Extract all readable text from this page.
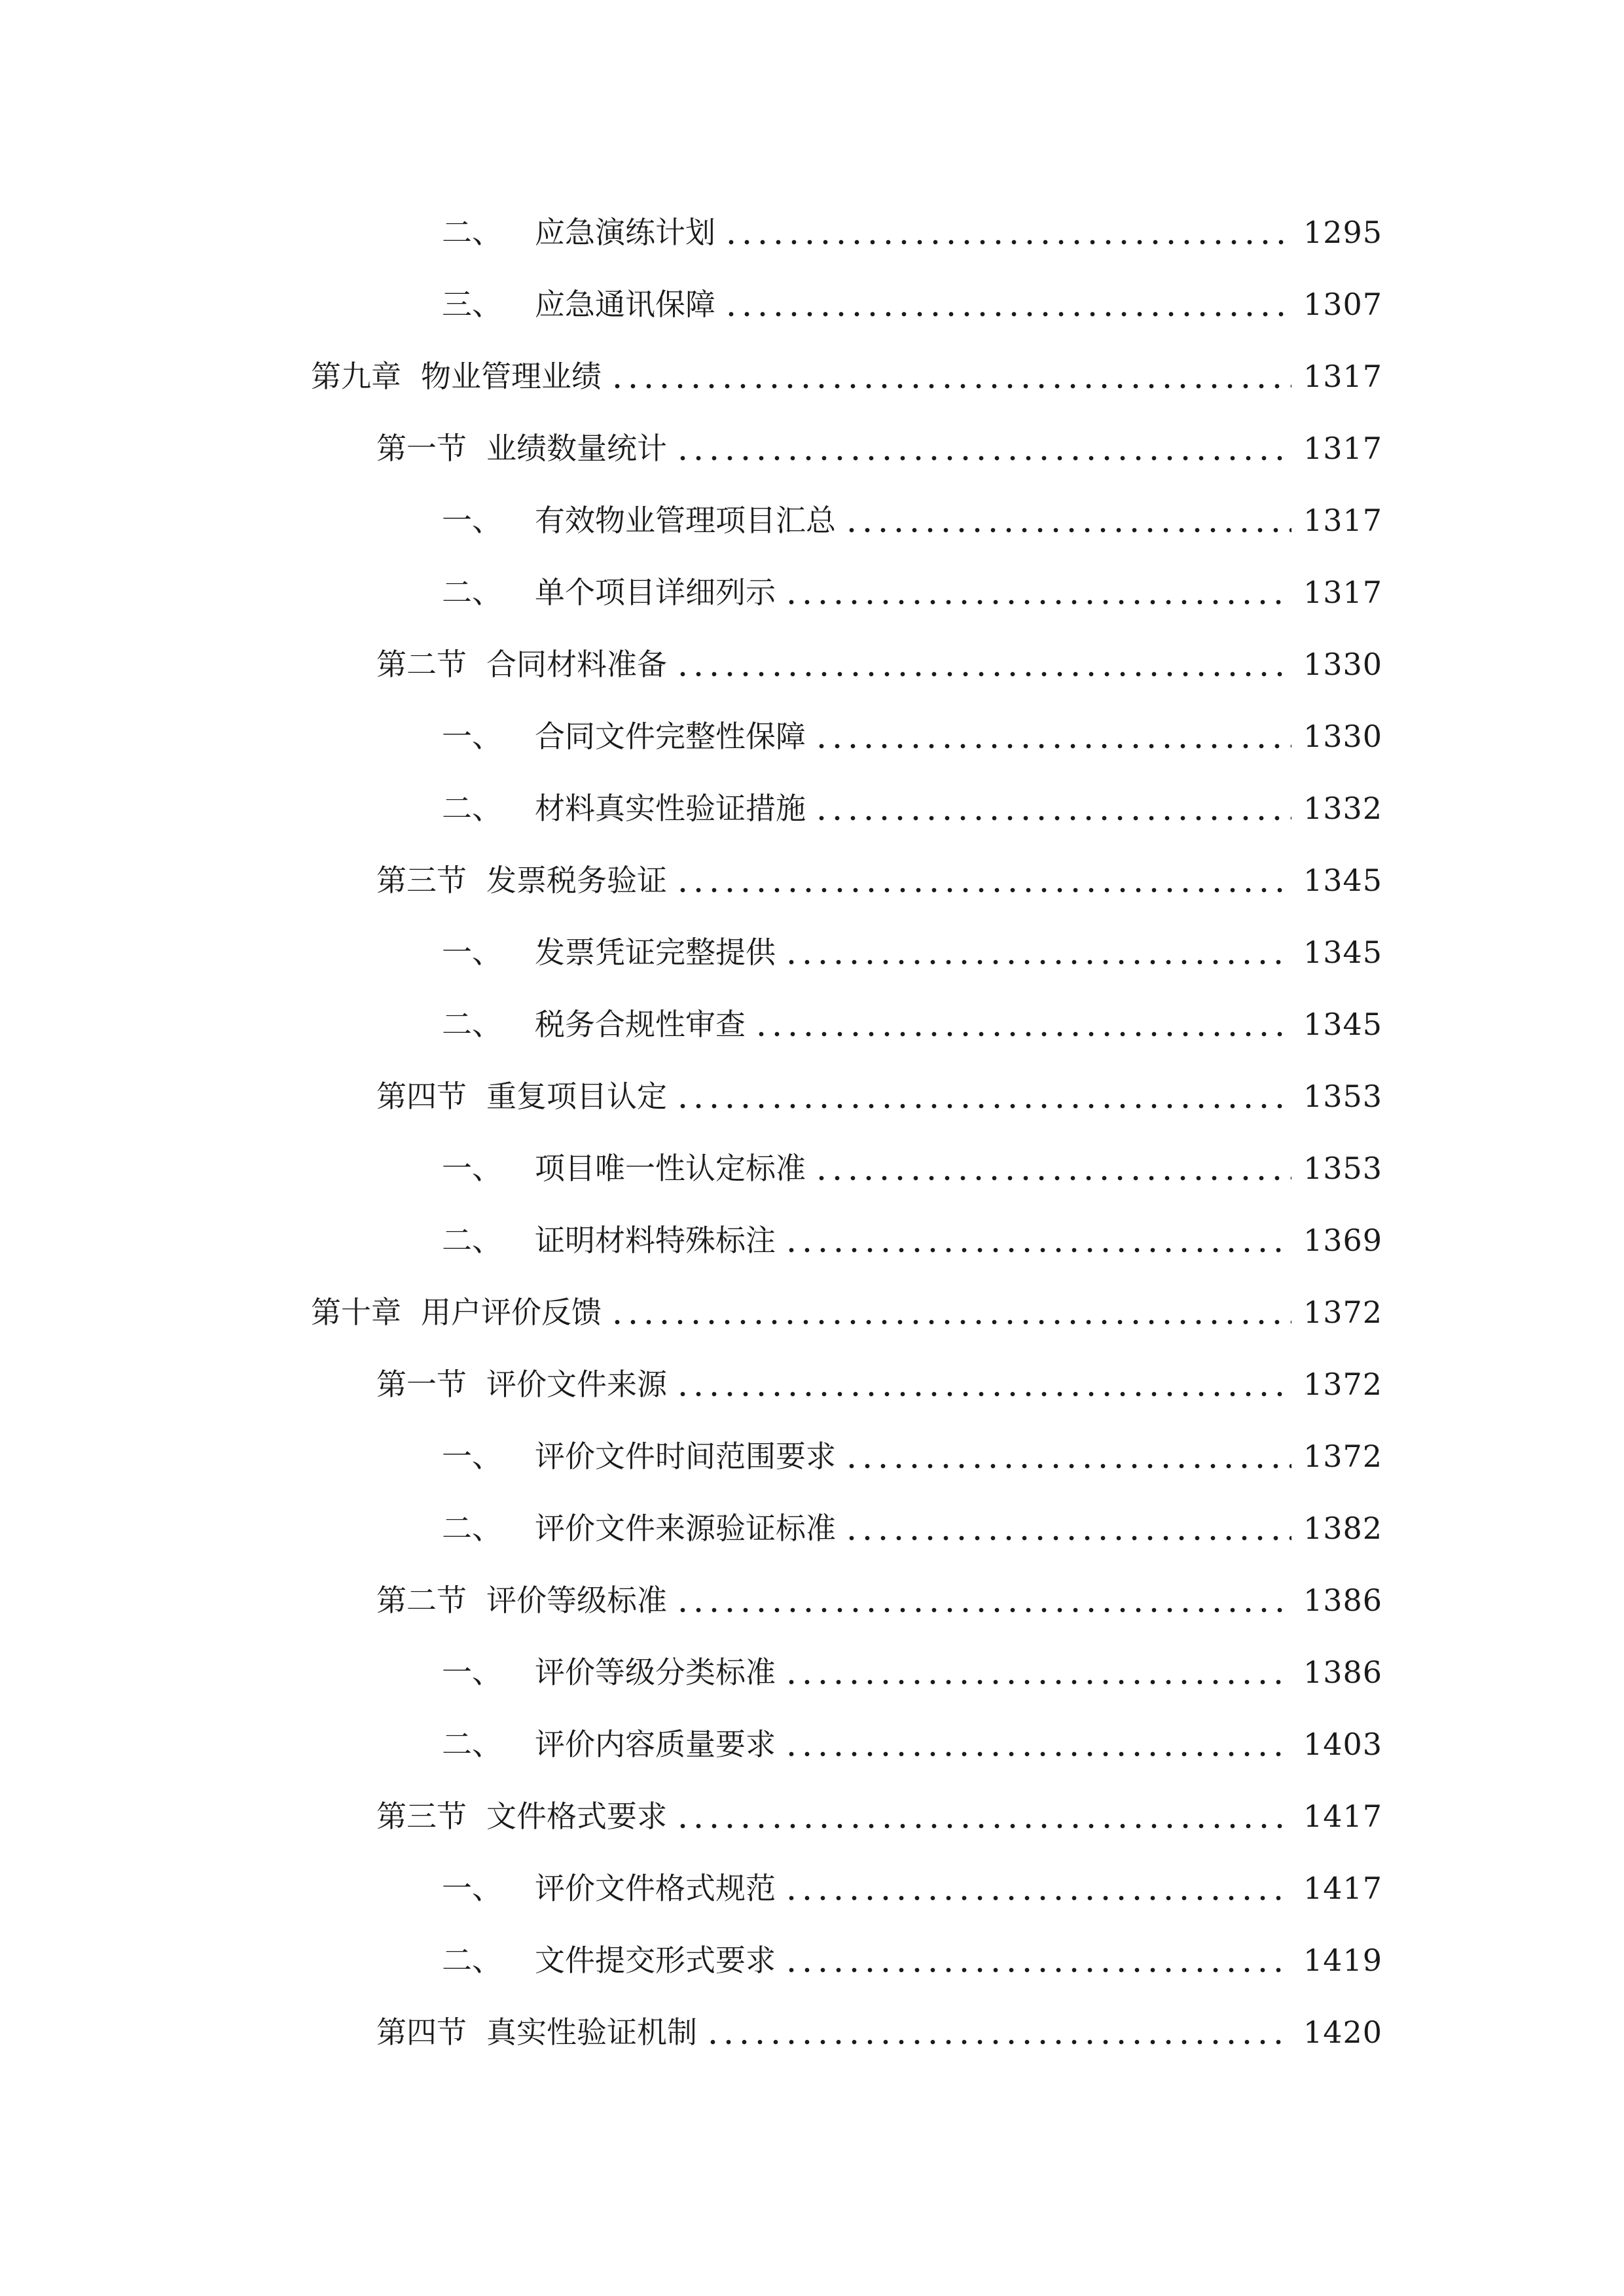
二、 应急演练计划	1295
三、 应急通讯保障	1307
第九章 物业管理业绩	1317
第一节 业绩数量统计	1317
一、 有效物业管理项目汇总	1317
二、 单个项目详细列示	1317
第二节 合同材料准备	1330
一、 合同文件完整性保障	1330
二、 材料真实性验证措施	1332
第三节 发票税务验证	1345
一、 发票凭证完整提供	1345
二、 税务合规性审查	1345
第四节 重复项目认定	1353
一、 项目唯一性认定标准	1353
二、 证明材料特殊标注	1369
第十章 用户评价反馈	1372
第一节 评价文件来源	1372
一、 评价文件时间范围要求	1372
二、 评价文件来源验证标准	1382
第二节 评价等级标准	1386
一、 评价等级分类标准	1386
二、 评价内容质量要求	1403
第三节 文件格式要求	1417
一、 评价文件格式规范	1417
二、 文件提交形式要求	1419
第四节 真实性验证机制	1420
